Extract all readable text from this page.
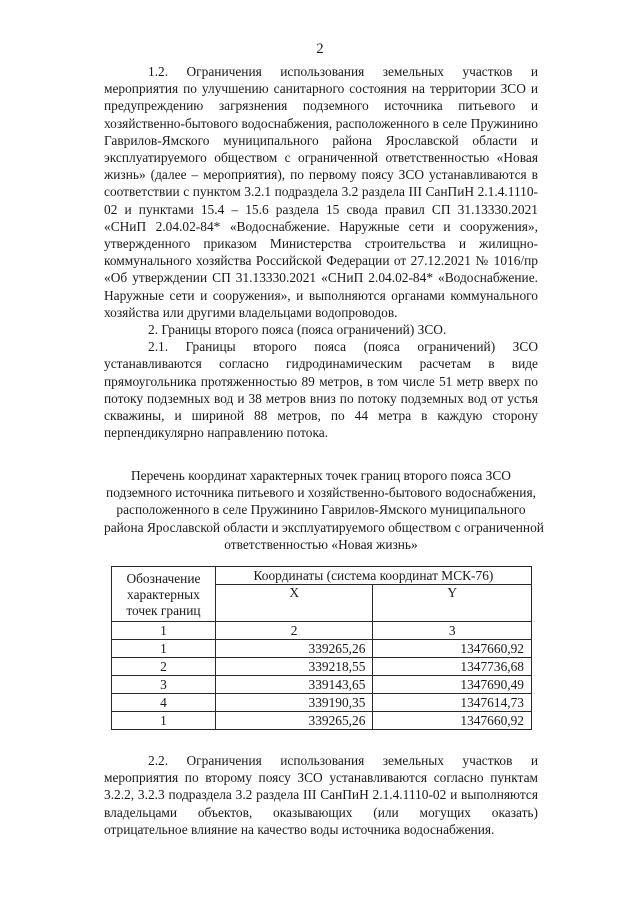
2

1.2. Ограничения использования земельных участков и мероприятия по улучшению санитарного состояния на территории ЗСО и предупреждению загрязнения подземного источника питьевого и хозяйственно-бытового водоснабжения, расположенного в селе Пружинино Гаврилов-Ямского муниципального района Ярославской области и эксплуатируемого обществом с ограниченной ответственностью «Новая жизнь» (далее – мероприятия), по первому поясу ЗСО устанавливаются в соответствии с пунктом 3.2.1 подраздела 3.2 раздела III СанПиН 2.1.4.1110-02 и пунктами 15.4 – 15.6 раздела 15 свода правил СП 31.13330.2021 «СНиП 2.04.02-84* «Водоснабжение. Наружные сети и сооружения», утвержденного приказом Министерства строительства и жилищно-коммунального хозяйства Российской Федерации от 27.12.2021 № 1016/пр «Об утверждении СП 31.13330.2021 «СНиП 2.04.02-84* «Водоснабжение. Наружные сети и сооружения», и выполняются органами коммунального хозяйства или другими владельцами водопроводов.

2. Границы второго пояса (пояса ограничений) ЗСО.

2.1. Границы второго пояса (пояса ограничений) ЗСО устанавливаются согласно гидродинамическим расчетам в виде прямоугольника протяженностью 89 метров, в том числе 51 метр вверх по потоку подземных вод и 38 метров вниз по потоку подземных вод от устья скважины, и шириной 88 метров, по 44 метра в каждую сторону перпендикулярно направлению потока.

Перечень координат характерных точек границ второго пояса ЗСО
подземного источника питьевого и хозяйственно-бытового водоснабжения,
расположенного в селе Пружинино Гаврилов-Ямского муниципального
района Ярославской области и эксплуатируемого обществом с ограниченной
ответственностью «Новая жизнь»
Обозначение характерных точек границ	Координаты (система координат МСК-76)	
	X	Y
1	2	3
1	339265,26	1347660,92
2	339218,55	1347736,68
3	339143,65	1347690,49
4	339190,35	1347614,73
1	339265,26	1347660,92

2.2. Ограничения использования земельных участков и мероприятия по второму поясу ЗСО устанавливаются согласно пунктам 3.2.2, 3.2.3 подраздела 3.2 раздела III СанПиН 2.1.4.1110-02 и выполняются владельцами объектов, оказывающих (или могущих оказать) отрицательное влияние на качество воды источника водоснабжения.
